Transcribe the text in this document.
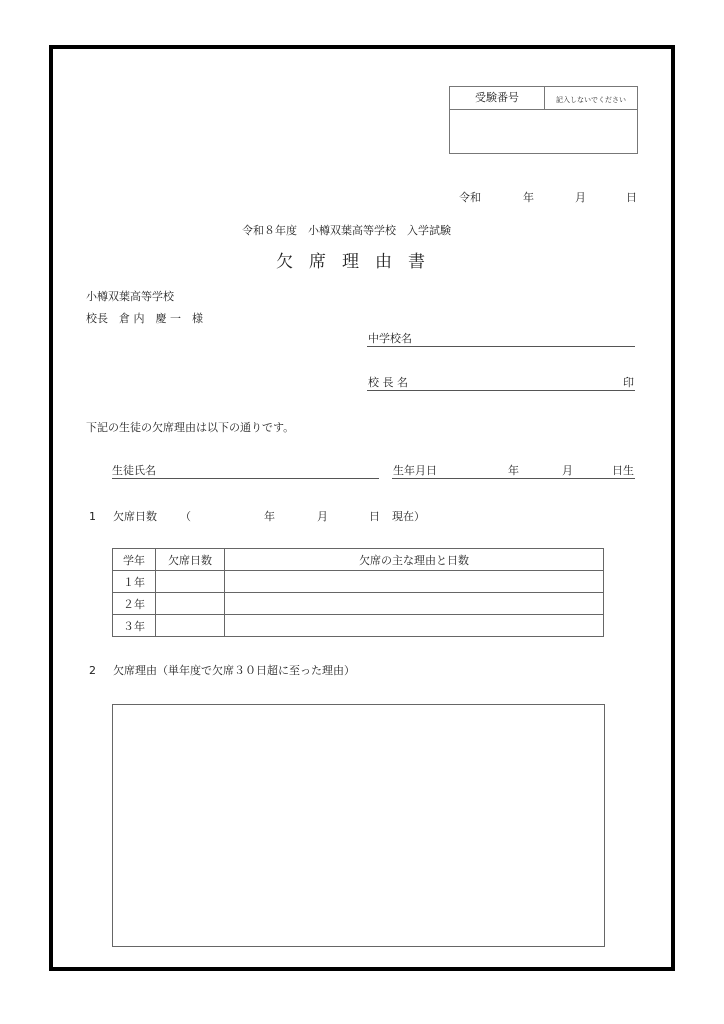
受験番号	記入しないでください
令和	年	月	日
令和８年度　小樽双葉高等学校　入学試験
欠席理由書
小樽双葉高等学校
校長　倉 内　慶 一　様
中学校名
校 長 名	印
下記の生徒の欠席理由は以下の通りです。
生徒氏名	生年月日	年	月	日生
1 欠席日数 （	年	月	日 現在）
学年	欠席日数	欠席の主な理由と日数
１年		
２年		
３年		
2 欠席理由（単年度で欠席３０日超に至った理由）
